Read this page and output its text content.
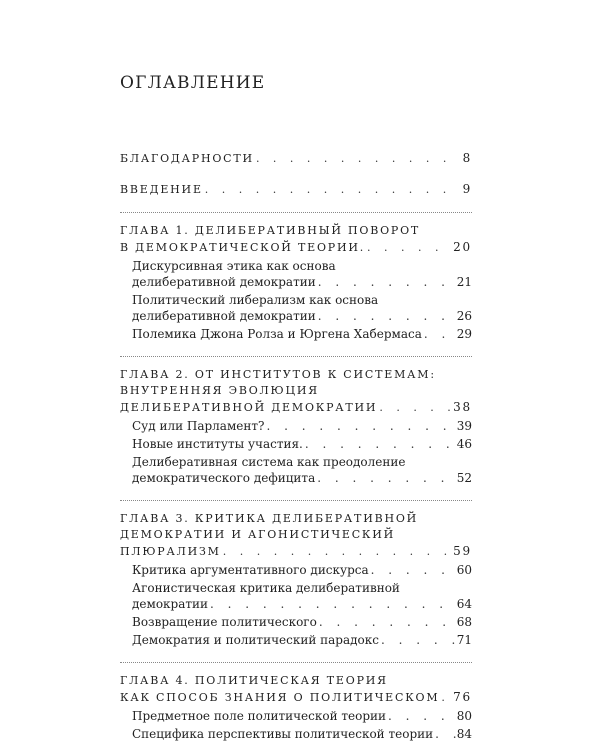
ОГЛАВЛЕНИЕ
БЛАГОДАРНОСТИ . . .	8
ВВЕДЕНИЕ . . .	9
ГЛАВА 1. ДЕЛИБЕРАТИВНЫЙ ПОВОРОТ
В ДЕМОКРАТИЧЕСКОЙ ТЕОРИИ. . . .	20
Дискурсивная этика как основа
делиберативной демократии . . .	21
Политический либерализм как основа
делиберативной демократии . . .	26
Полемика Джона Ролза и Юргена Хабермаса . . .	29
ГЛАВА 2. ОТ ИНСТИТУТОВ К СИСТЕМАМ:
ВНУТРЕННЯЯ ЭВОЛЮЦИЯ
ДЕЛИБЕРАТИВНОЙ ДЕМОКРАТИИ . . .	38
Суд или Парламент? . . .	39
Новые институты участия. . . .	46
Делиберативная система как преодоление
демократического дефицита . . .	52
ГЛАВА 3. КРИТИКА ДЕЛИБЕРАТИВНОЙ
ДЕМОКРАТИИ И АГОНИСТИЧЕСКИЙ
ПЛЮРАЛИЗМ . . .	59
Критика аргументативного дискурса . . .	60
Агонистическая критика делиберативной
демократии . . .	64
Возвращение политического . . .	68
Демократия и политический парадокс . . .	71
ГЛАВА 4. ПОЛИТИЧЕСКАЯ ТЕОРИЯ
КАК СПОСОБ ЗНАНИЯ О ПОЛИТИЧЕСКОМ . . . 76
Предметное поле политической теории . . .	80
Специфика перспективы политической теории . . . 84
